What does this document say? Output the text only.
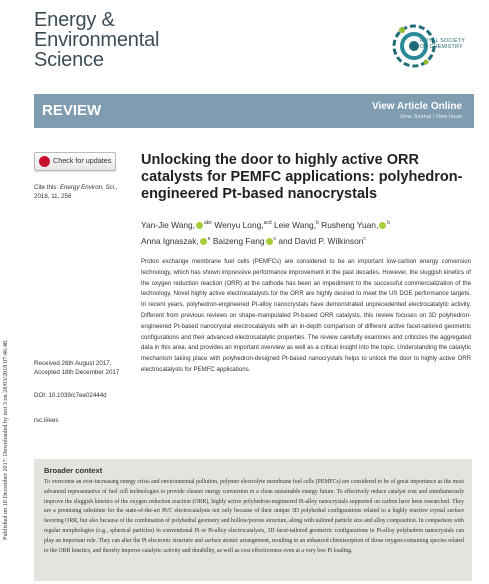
Published on 18 December 2017. Downloaded by test 3 on 28/03/2018 07:46:48.
Energy &
Environmental
Science
ROYAL SOCIETY
OF CHEMISTRY
REVIEW	View Article Online
View Journal | View Issue
Check for updates
Cite this: Energy Environ. Sci.,
2018, 11, 258
Received 26th August 2017,
Accepted 18th December 2017
DOI: 10.1039/c7ee02444d
rsc.li/ees
Unlocking the door to highly active ORR catalysts for PEMFC applications: polyhedron-engineered Pt-based nanocrystals
Yan-Jie Wang, $^{abc}$ Wenyu Long,$^{acd}$ Leie Wang,$^b$ Rusheng Yuan, $^b$
Anna Ignaszak, $^e$ Baizeng Fang $^c$ and David P. Wilkinson$^c$
Proton exchange membrane fuel cells (PEMFCs) are considered to be an important low-carbon energy conversion technology, which has shown impressive performance improvement in the past decades. However, the sluggish kinetics of the oxygen reduction reaction (ORR) at the cathode has been an impediment to the successful commercialization of the technology. Novel highly active electrocatalysts for the ORR are highly desired to meet the US DOE performance targets. In recent years, polyhedron-engineered Pt-alloy nanocrystals have demonstrated unprecedented electrocatalytic activity. Different from previous reviews on shape-manipulated Pt-based ORR catalysts, this review focuses on 3D polyhedron-engineered Pt-based nanocrystal electrocatalysts with an in-depth comparison of different active facet-tailored geometric configurations and their advanced electrocatalytic properties. The review carefully examines and criticizes the aggregated data in this area, and provides an important overview as well as a critical insight into the topic. Understanding the catalytic mechanism taking place with polyhedron-designed Pt-based nanocrystals helps to unlock the door to highly active ORR electrocatalysts for PEMFC applications.
Broader context
To overcome an ever-increasing energy crisis and environmental pollution, polymer electrolyte membrane fuel cells (PEMFCs) are considered to be of great importance as the most advanced representative of fuel cell technologies to provide cleaner energy conversion in a clean sustainable energy future. To effectively reduce catalyst cost and simultaneously improve the sluggish kinetics of the oxygen reduction reaction (ORR), highly active polyhedron-engineered Pt-alloy nanocrystals supported on carbon have been researched. They are a promising substitute for the state-of-the-art Pt/C electrocatalysts not only because of their unique 3D polyhedral configurations related to a highly reactive crystal surface favoring ORR, but also because of the combination of polyhedral geometry and hollow/porous structure, along with tailored particle size and alloy composition. In comparison with regular morphologies (e.g., spherical particles) in conventional Pt or Pt-alloy electrocatalysts, 3D facet-tailored geometric configurations in Pt-alloy polyhedron nanocrystals can play an important role. They can alter the Pt electronic structure and surface atomic arrangement, resulting in an enhanced chemisorption of those oxygen-containing species related to the ORR kinetics, and thereby improve catalytic activity and durability, as well as cost effectiveness even at a very low Pt loading.
